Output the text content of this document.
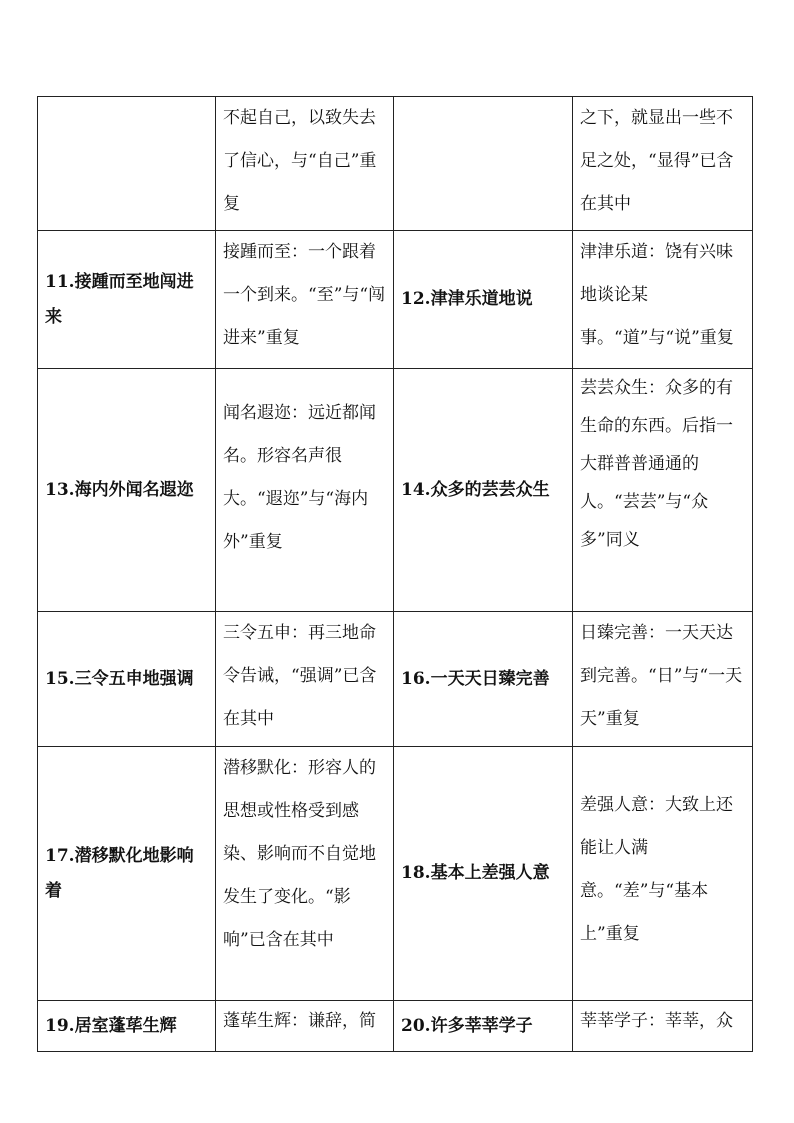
	不起自己，以致失去了信心，与“自己”重复		之下，就显出一些不足之处，“显得”已含在其中
11.接踵而至地闯进来	接踵而至：一个跟着一个到来。“至”与“闯进来”重复	12.津津乐道地说	津津乐道：饶有兴味地谈论某事。“道”与“说”重复
13.海内外闻名遐迩	闻名遐迩：远近都闻名。形容名声很大。“遐迩”与“海内外”重复	14.众多的芸芸众生	芸芸众生：众多的有生命的东西。后指一大群普普通通的人。“芸芸”与“众多”同义
15.三令五申地强调	三令五申：再三地命令告诫，“强调”已含在其中	16.一天天日臻完善	日臻完善：一天天达到完善。“日”与“一天天”重复
17.潜移默化地影响着	潜移默化：形容人的思想或性格受到感染、影响而不自觉地发生了变化。“影响”已含在其中	18.基本上差强人意	差强人意：大致上还能让人满意。“差”与“基本上”重复
19.居室蓬荜生辉	蓬荜生辉：谦辞，简	20.许多莘莘学子	莘莘学子：莘莘，众
